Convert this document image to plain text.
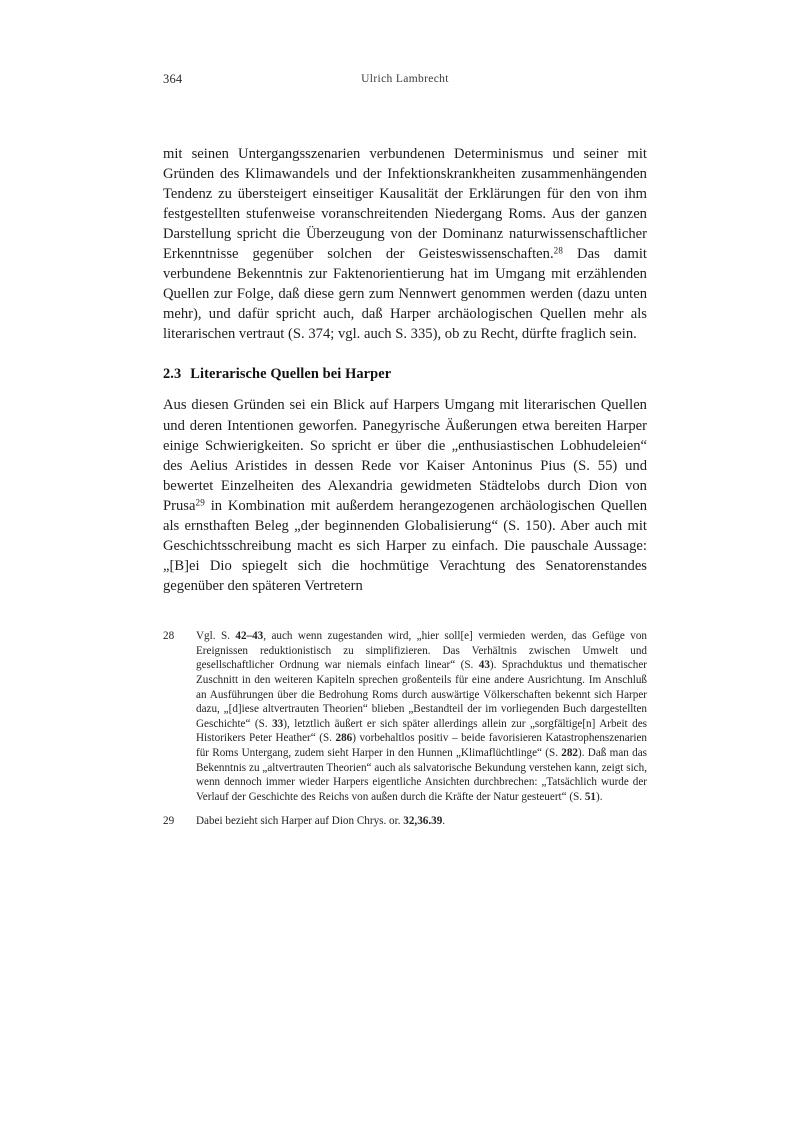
364	Ulrich Lambrecht

mit seinen Untergangsszenarien verbundenen Determinismus und seiner mit Gründen des Klimawandels und der Infektionskrankheiten zusammenhängenden Tendenz zu übersteigert einseitiger Kausalität der Erklärungen für den von ihm festgestellten stufenweise voranschreitenden Niedergang Roms. Aus der ganzen Darstellung spricht die Überzeugung von der Dominanz naturwissenschaftlicher Erkenntnisse gegenüber solchen der Geisteswissenschaften.$^{28}$ Das damit verbundene Bekenntnis zur Faktenorientierung hat im Umgang mit erzählenden Quellen zur Folge, daß diese gern zum Nennwert genommen werden (dazu unten mehr), und dafür spricht auch, daß Harper archäologischen Quellen mehr als literarischen vertraut (S. 374; vgl. auch S. 335), ob zu Recht, dürfte fraglich sein.

2.3 Literarische Quellen bei Harper

Aus diesen Gründen sei ein Blick auf Harpers Umgang mit literarischen Quellen und deren Intentionen geworfen. Panegyrische Äußerungen etwa bereiten Harper einige Schwierigkeiten. So spricht er über die „enthusiastischen Lobhudeleien“ des Aelius Aristides in dessen Rede vor Kaiser Antoninus Pius (S. 55) und bewertet Einzelheiten des Alexandria gewidmeten Städtelobs durch Dion von Prusa$^{29}$ in Kombination mit außerdem herangezogenen archäologischen Quellen als ernsthaften Beleg „der beginnenden Globalisierung“ (S. 150). Aber auch mit Geschichtsschreibung macht es sich Harper zu einfach. Die pauschale Aussage: „[B]ei Dio spiegelt sich die hochmütige Verachtung des Senatorenstandes gegenüber den späteren Vertretern

28	Vgl. S. 42–43, auch wenn zugestanden wird, „hier soll[e] vermieden werden, das Gefüge von Ereignissen reduktionistisch zu simplifizieren. Das Verhältnis zwischen Umwelt und gesellschaftlicher Ordnung war niemals einfach linear“ (S. 43). Sprachduktus und thematischer Zuschnitt in den weiteren Kapiteln sprechen großenteils für eine andere Ausrichtung. Im Anschluß an Ausführungen über die Bedrohung Roms durch auswärtige Völkerschaften bekennt sich Harper dazu, „[d]iese altvertrauten Theorien“ blieben „Bestandteil der im vorliegenden Buch dargestellten Geschichte“ (S. 33), letztlich äußert er sich später allerdings allein zur „sorgfältige[n] Arbeit des Historikers Peter Heather“ (S. 286) vorbehaltlos positiv – beide favorisieren Katastrophenszenarien für Roms Untergang, zudem sieht Harper in den Hunnen „Klimaflüchtlinge“ (S. 282). Daß man das Bekenntnis zu „altvertrauten Theorien“ auch als salvatorische Bekundung verstehen kann, zeigt sich, wenn dennoch immer wieder Harpers eigentliche Ansichten durchbrechen: „Tatsächlich wurde der Verlauf der Geschichte des Reichs von außen durch die Kräfte der Natur gesteuert“ (S. 51).
29	Dabei bezieht sich Harper auf Dion Chrys. or. 32,36.39.
